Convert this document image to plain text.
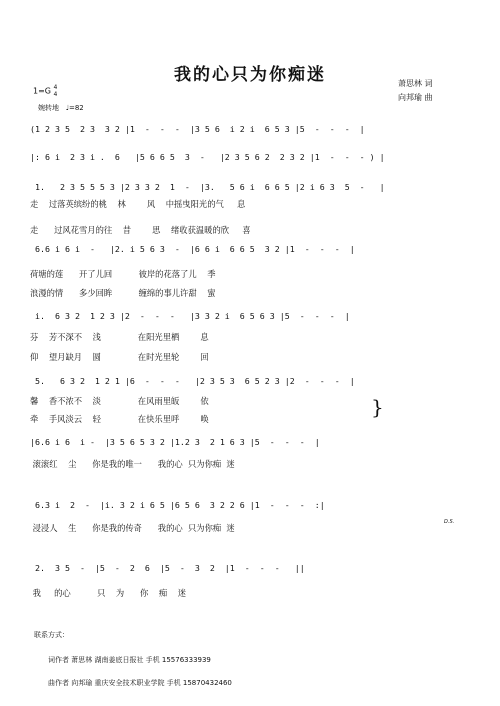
我的心只为你痴迷	萧思林 词
向邦瑜 曲
1=G 4
4
婉转地 ♩=82
(1 2 3 5  2 3  3 2 |1  -  -  -  |3 5 6  i 2 i  6 5 3 |5  -  -  -  |
|: 6 i  2 3 i .  6   |5 6 6 5  3  -   |2 3 5 6 2  2 3 2 |1  -  -  - ) |
1.   2 3 5 5 5 3 |2 3 3 2  1  -  |3.   5 6 i  6 6 5 |2 i 6 3  5  -   |
走    过落英缤纷的桃    林        风    中摇曳阳光的气     息
走      过风花雪月的往    昔        思    绪收获温暖的欣     喜
6.6 i 6 i  -   |2. i 5 6 3  -  |6 6 i  6 6 5  3 2 |1  -  -  -  |
荷塘的莲      开了儿回          彼岸的花落了儿    季
浪漫的情      多少回眸          缠绵的事儿许甜    蜜
i.  6 3 2  1 2 3 |2  -  -  -   |3 3 2 i  6 5 6 3 |5  -  -  -  |
芬    芳不深不    浅              在阳光里栖        息
仰    望月缺月    圆              在时光里轮        回
5.   6 3 2  1 2 1 |6  -  -  -   |2 3 5 3  6 5 2 3 |2  -  -  -  |
馨    香不浓不    淡              在风雨里皈        依
牵    手风淡云    轻              在快乐里呼        唤
|6.6 i 6  i -  |3 5 6 5 3 2 |1.2 3  2 1 6 3 |5  -  -  -  |
滚滚红    尘      你是我的唯一      我的心  只为你痴  迷
6.3 i  2  -  |i. 3 2 i 6 5 |6 5 6  3 2 2 6 |1  -  -  -  :|
浸浸人    生      你是我的传奇      我的心  只为你痴  迷
2.  3 5  -  |5  -  2  6  |5  -  3  2  |1  -  -  -   ||
我     的心          只    为      你    痴    迷
}
D.S.
联系方式：
词作者 萧思林 湖南姜底日报社 手机 15576333939
曲作者 向邦瑜 重庆安全技术职业学院 手机 15870432460
